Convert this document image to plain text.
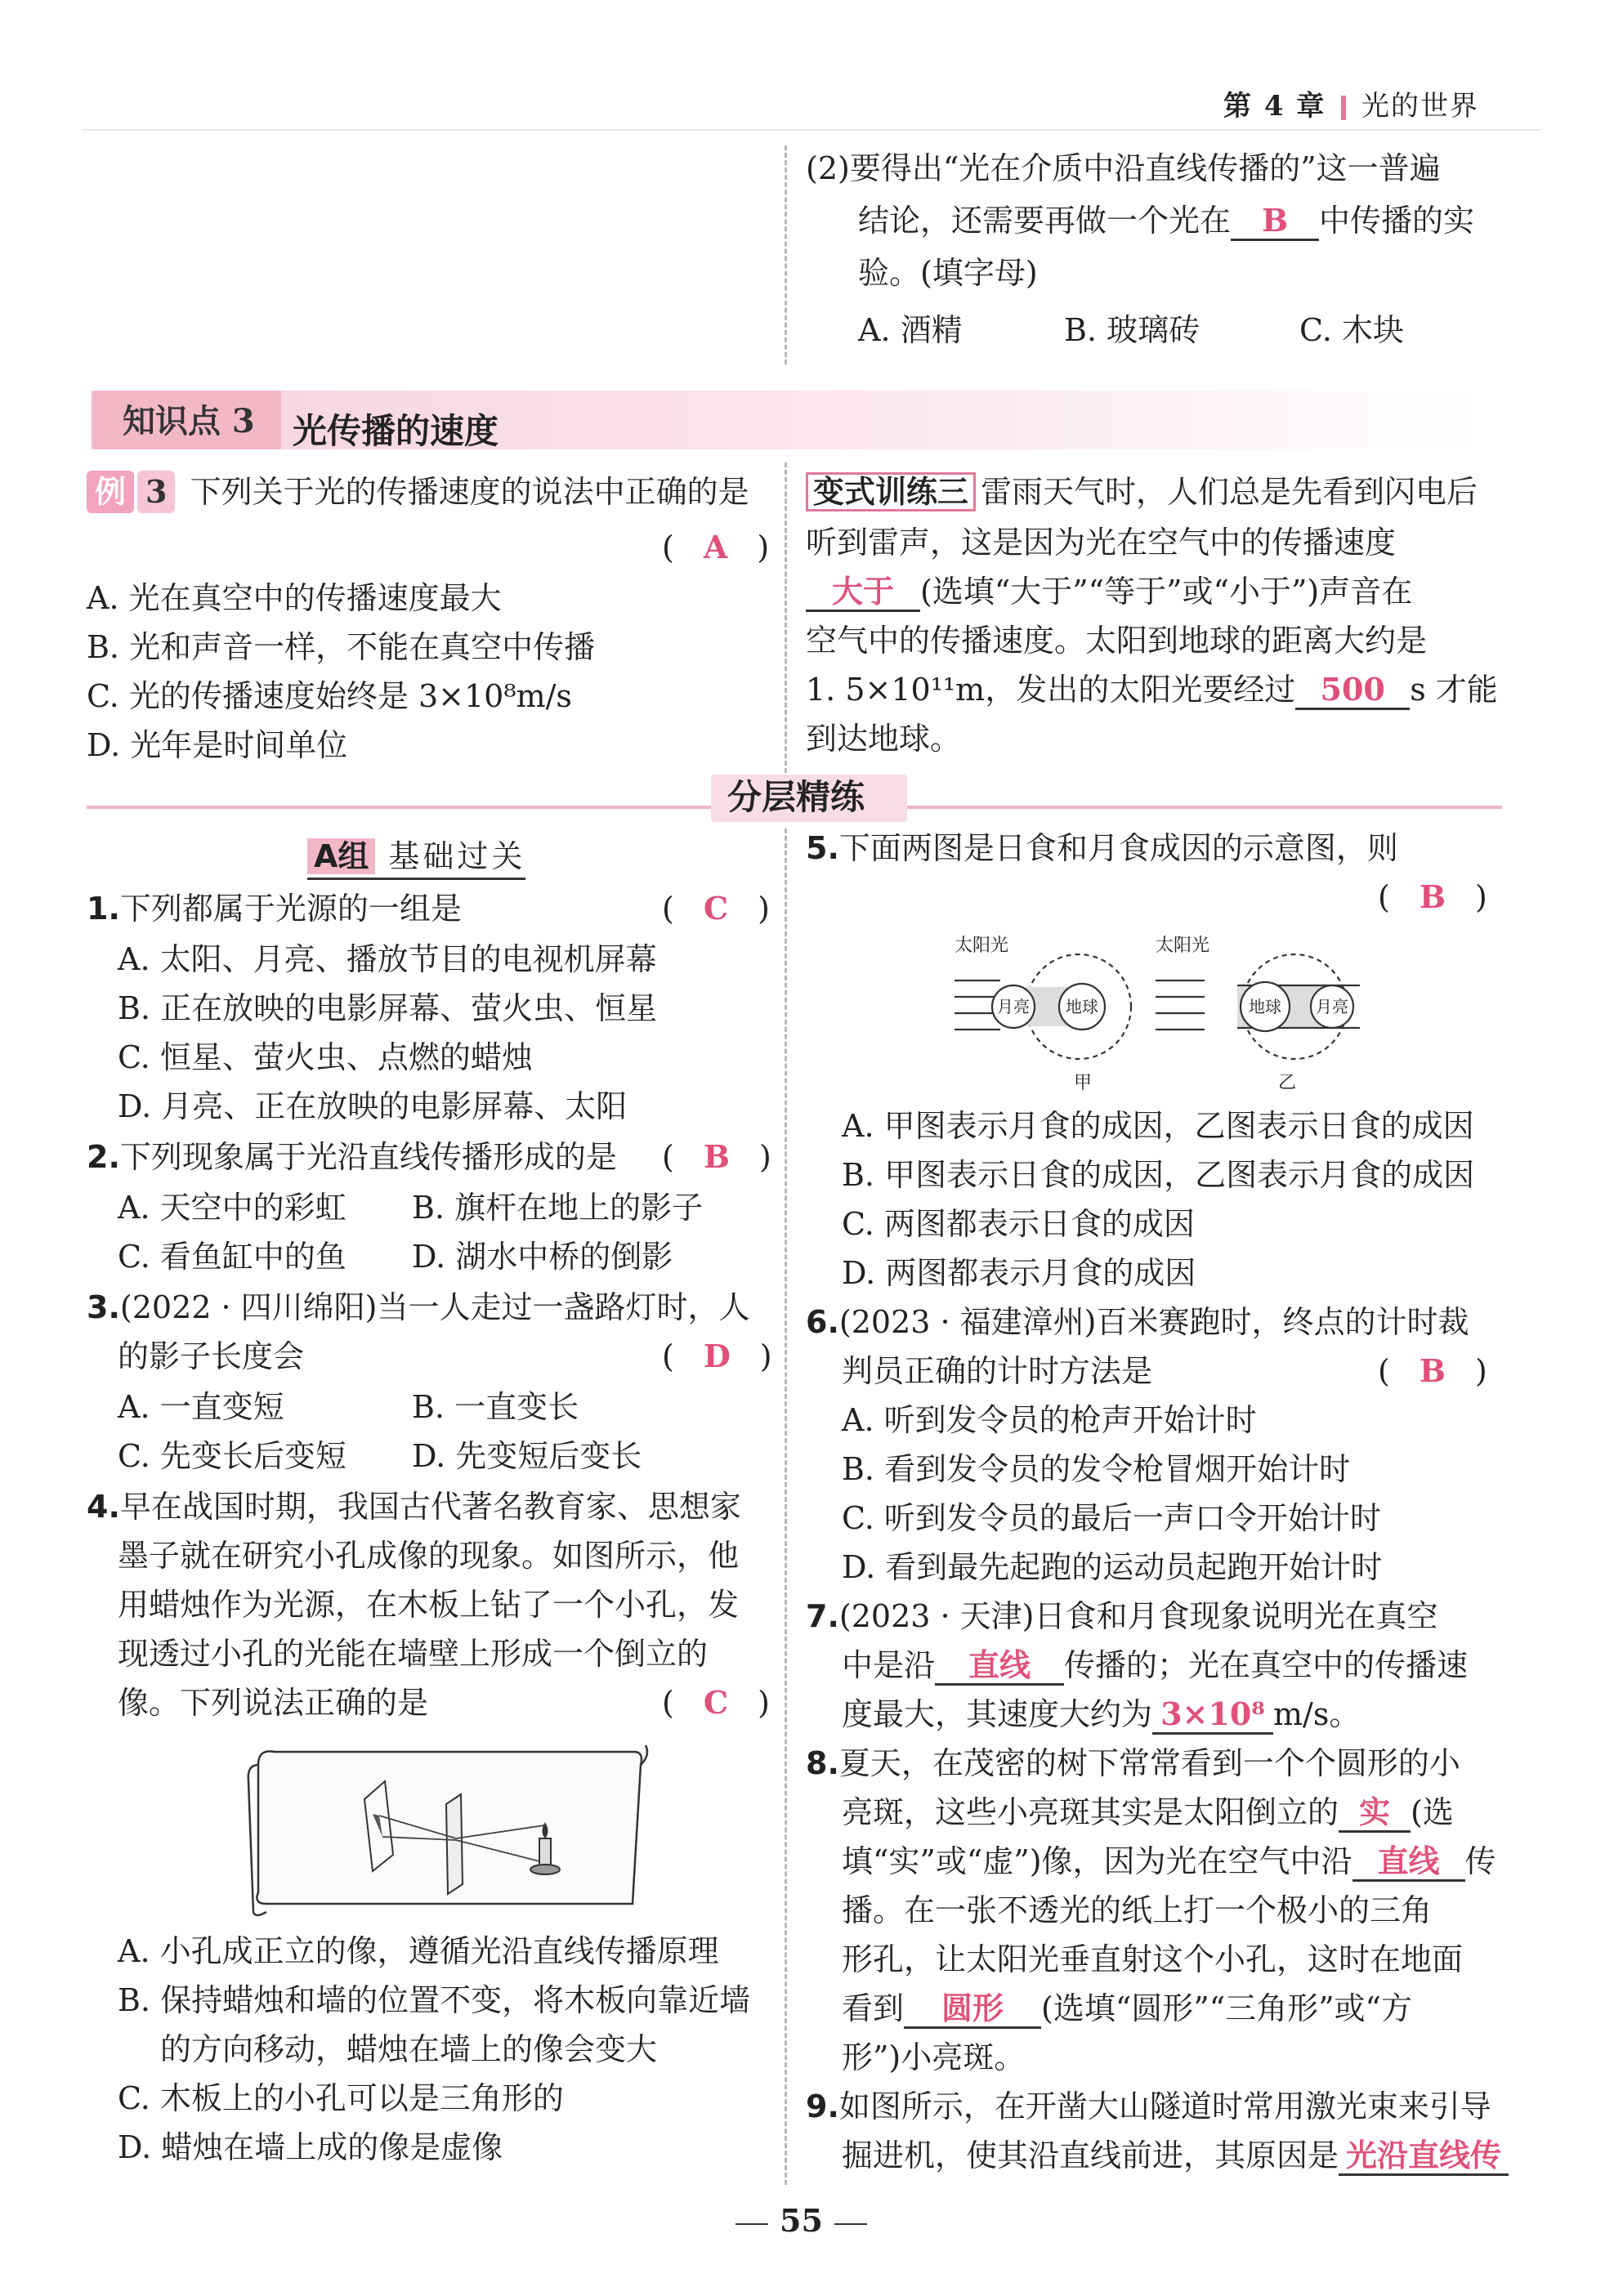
第 4 章 光的世界
(2)要得出“光在介质中沿直线传播的”这一普遍
结论，还需要再做一个光在 B 中传播的实
验。(填字母)
A. 酒精	B. 玻璃砖	C. 木块
知识点 3 光传播的速度
例 3 下列关于光的传播速度的说法中正确的是
( A )
A. 光在真空中的传播速度最大
B. 光和声音一样，不能在真空中传播
C. 光的传播速度始终是 3×10⁸m/s
D. 光年是时间单位
变式训练三 雷雨天气时，人们总是先看到闪电后
听到雷声，这是因为光在空气中的传播速度
大于 (选填“大于”“等于”或“小于”)声音在
空气中的传播速度。太阳到地球的距离大约是
1. 5×10¹¹m，发出的太阳光要经过 500 s 才能
到达地球。
分层精练
A组 基础过关
1.下列都属于光源的一组是	( C )
A. 太阳、月亮、播放节目的电视机屏幕
B. 正在放映的电影屏幕、萤火虫、恒星
C. 恒星、萤火虫、点燃的蜡烛
D. 月亮、正在放映的电影屏幕、太阳
2.下列现象属于光沿直线传播形成的是 ( B )
A. 天空中的彩虹 B. 旗杆在地上的影子
C. 看鱼缸中的鱼 D. 湖水中桥的倒影
3.(2022 · 四川绵阳)当一人走过一盏路灯时，人
的影子长度会	( D )
A. 一直变短	B. 一直变长
C. 先变长后变短 D. 先变短后变长
4.早在战国时期，我国古代著名教育家、思想家
墨子就在研究小孔成像的现象。如图所示，他
用蜡烛作为光源，在木板上钻了一个小孔，发
现透过小孔的光能在墙壁上形成一个倒立的
像。下列说法正确的是	( C )
A. 小孔成正立的像，遵循光沿直线传播原理
B. 保持蜡烛和墙的位置不变，将木板向靠近墙
的方向移动，蜡烛在墙上的像会变大
C. 木板上的小孔可以是三角形的
D. 蜡烛在墙上成的像是虚像
5.下面两图是日食和月食成因的示意图，则
( B )
太阳光	太阳光
甲	乙
月亮 地球	地球 月亮
A. 甲图表示月食的成因，乙图表示日食的成因
B. 甲图表示日食的成因，乙图表示月食的成因
C. 两图都表示日食的成因
D. 两图都表示月食的成因
6.(2023 · 福建漳州)百米赛跑时，终点的计时裁
判员正确的计时方法是	( B )
A. 听到发令员的枪声开始计时
B. 看到发令员的发令枪冒烟开始计时
C. 听到发令员的最后一声口令开始计时
D. 看到最先起跑的运动员起跑开始计时
7.(2023 · 天津)日食和月食现象说明光在真空
中是沿 直线 传播的；光在真空中的传播速
度最大，其速度大约为 3×10⁸ m/s。
8.夏天，在茂密的树下常常看到一个个圆形的小
亮斑，这些小亮斑其实是太阳倒立的 实 (选
填“实”或“虚”)像，因为光在空气中沿 直线 传
播。在一张不透光的纸上打一个极小的三角
形孔，让太阳光垂直射这个小孔，这时在地面
看到 圆形 (选填“圆形”“三角形”或“方
形”)小亮斑。
9.如图所示，在开凿大山隧道时常用激光束来引导
掘进机，使其沿直线前进，其原因是 光沿直线传
55
